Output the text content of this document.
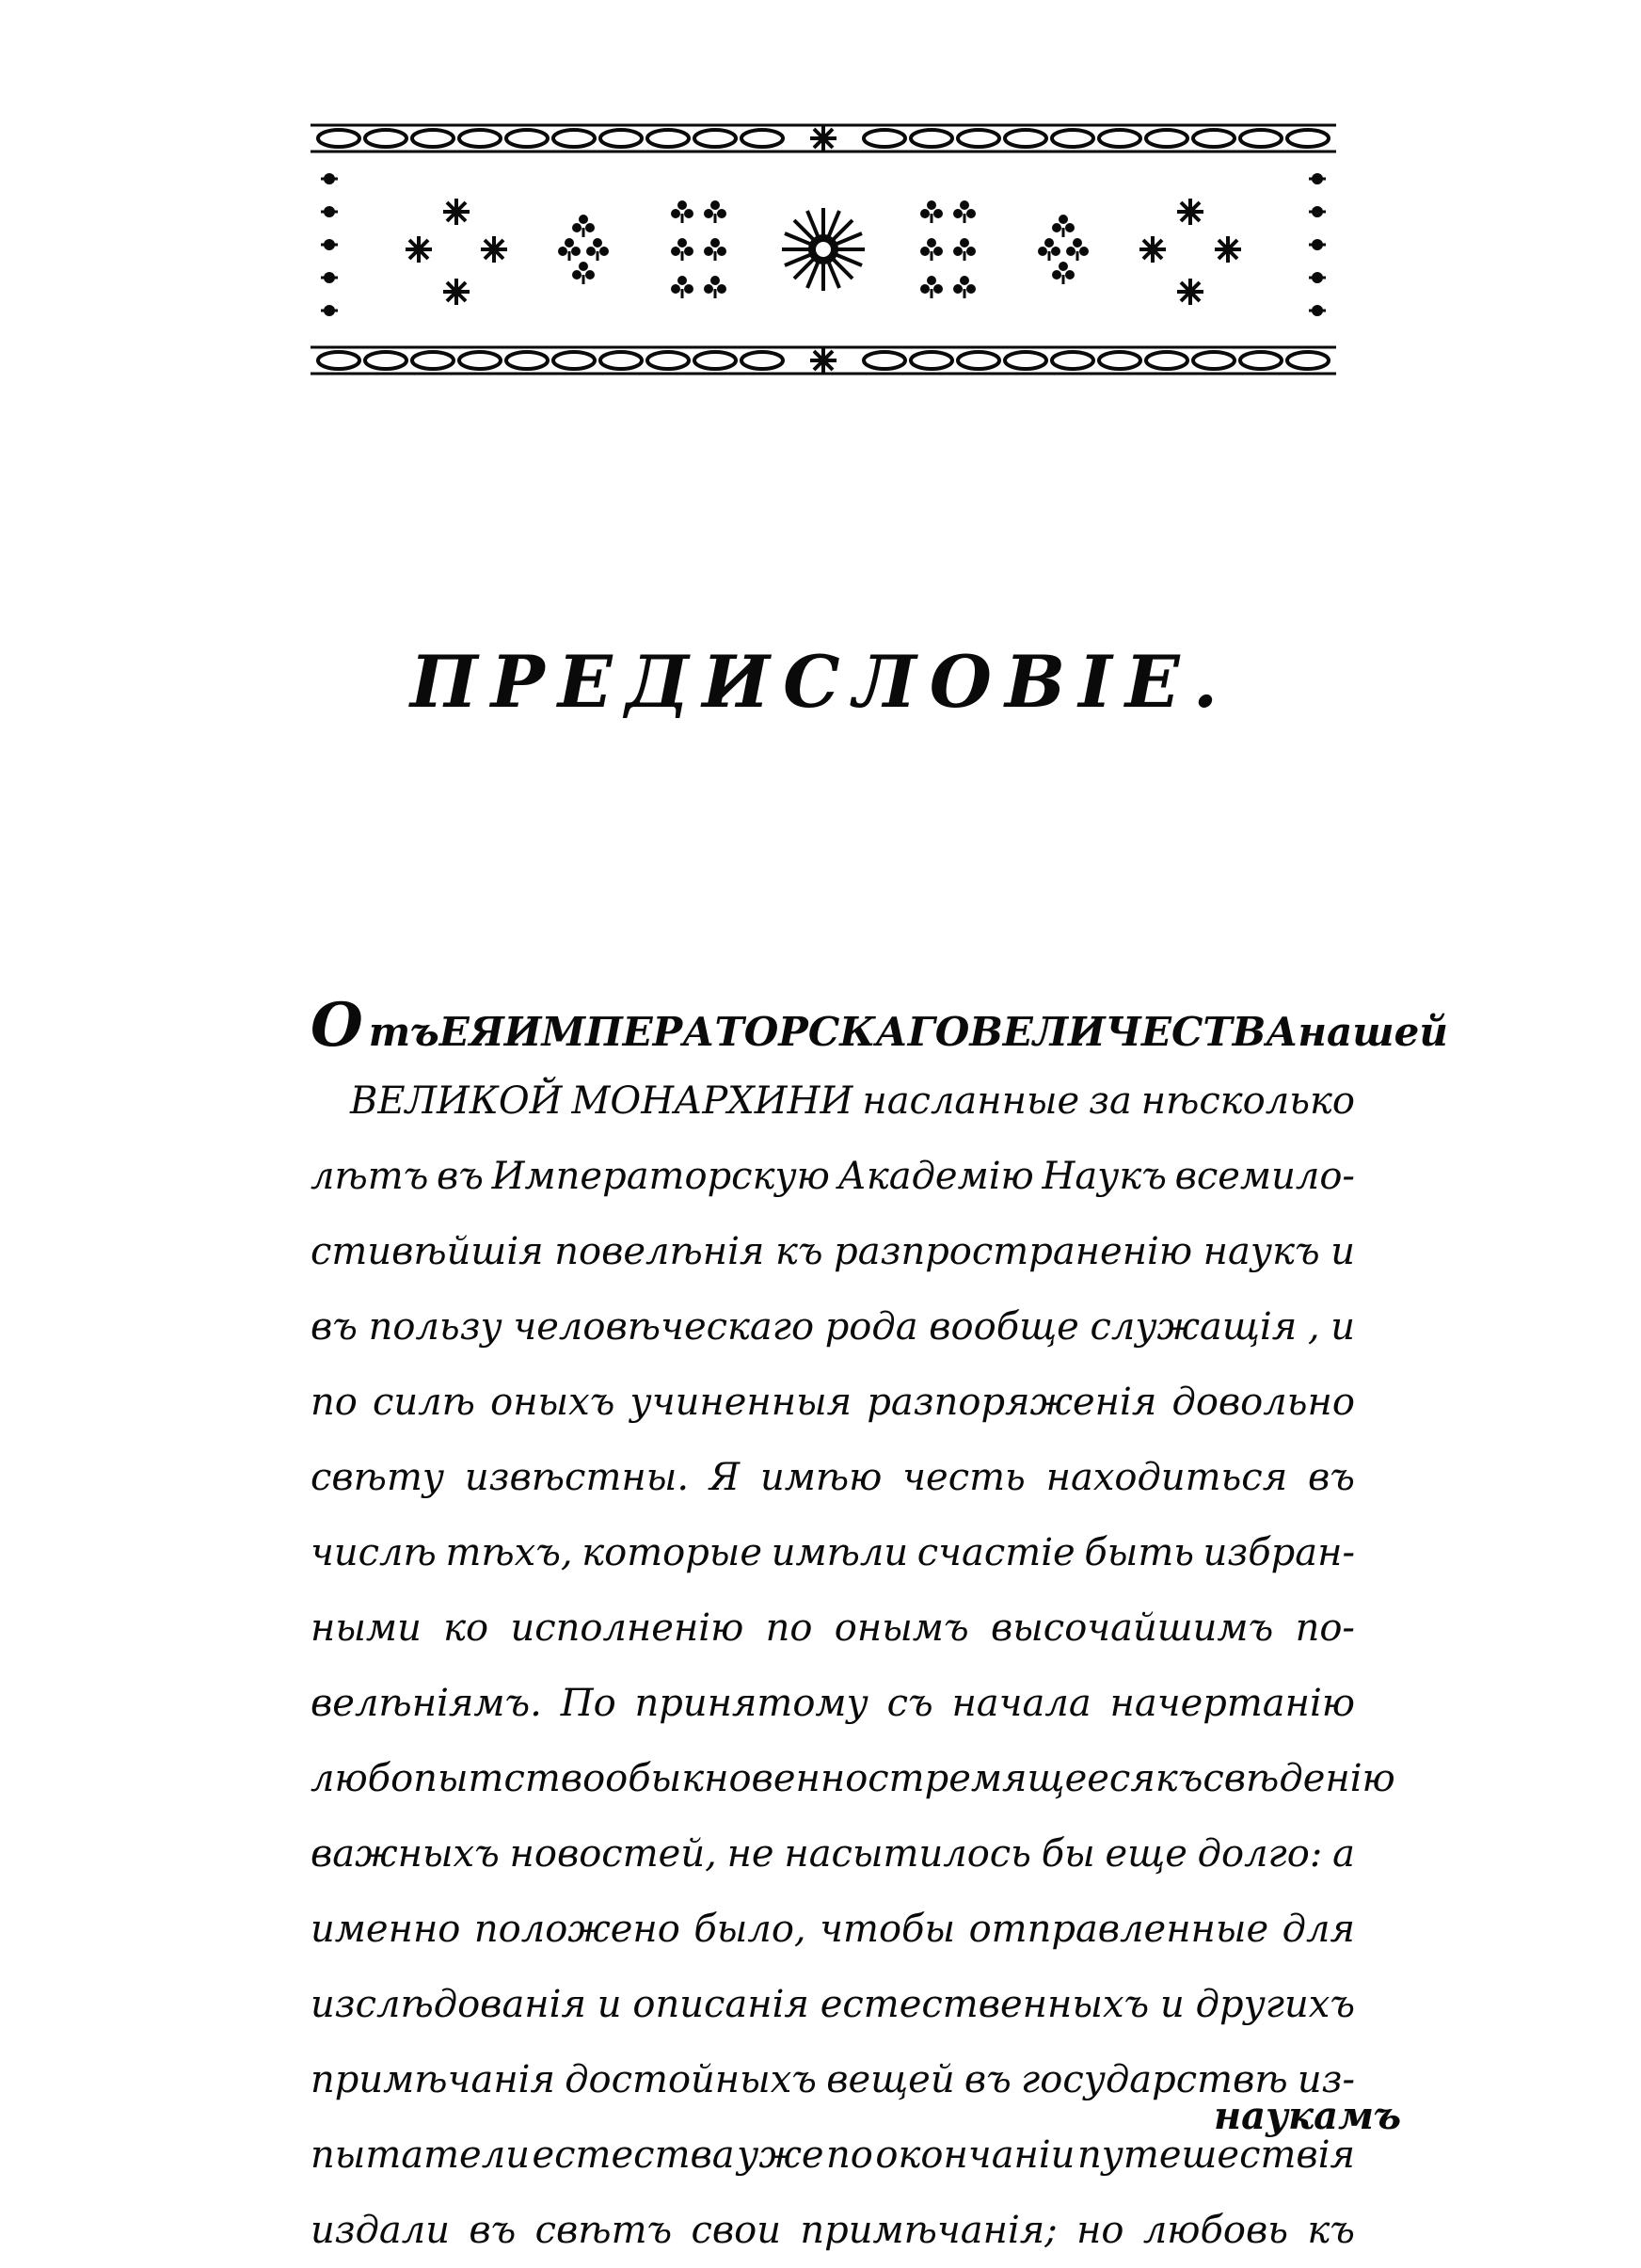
ПРЕДИСЛОВІЕ.
Отъ ЕЯ ИМПЕРАТОРСКАГО ВЕЛИЧЕСТВА нашей
ВЕЛИКОЙ МОНАРХИНИ насланные за нѣсколько
лѣтъ въ Императорскую Академію Наукъ всемило-
стивѣйшія повелѣнія къ разпространенію наукъ и
въ пользу человѣческаго рода вообще служащія , и
по силѣ оныхъ учиненныя разпоряженія довольно
свѣту извѣстны. Я имѣю честь находиться въ
числѣ тѣхъ, которые имѣли счастіе быть избран-
ными ко исполненію по онымъ высочайшимъ по-
велѣніямъ. По принятому съ начала начертанію
любопытство обыкновенно стремящееся къ свѣденію
важныхъ новостей, не насытилось бы еще долго: а
именно положено было, чтобы отправленные для
изслѣдованія и описанія естественныхъ и другихъ
примѣчанія достойныхъ вещей въ государствѣ из-
пытатели естества уже по окончаніи путешествія
издали въ свѣтъ свои примѣчанія; но любовь къ
наукамъ
